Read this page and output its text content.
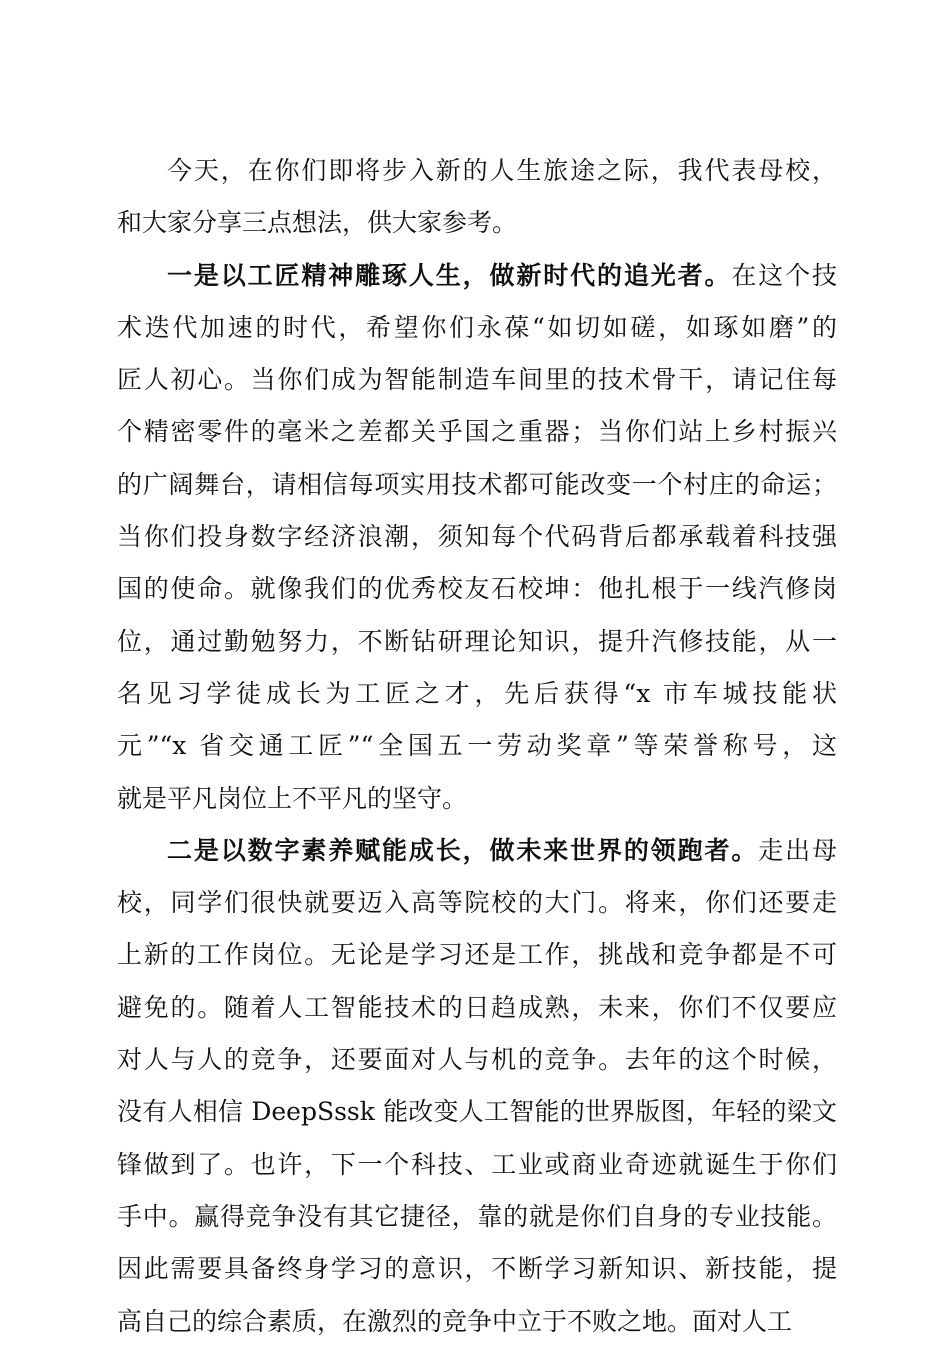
今天，在你们即将步入新的人生旅途之际，我代表母校，
和大家分享三点想法，供大家参考。
一是以工匠精神雕琢人生，做新时代的追光者。在这个技
术迭代加速的时代，希望你们永葆“如切如磋，如琢如磨”的
匠人初心。当你们成为智能制造车间里的技术骨干，请记住每
个精密零件的毫米之差都关乎国之重器；当你们站上乡村振兴
的广阔舞台，请相信每项实用技术都可能改变一个村庄的命运；
当你们投身数字经济浪潮，须知每个代码背后都承载着科技强
国的使命。就像我们的优秀校友石校坤：他扎根于一线汽修岗
位，通过勤勉努力，不断钻研理论知识，提升汽修技能，从一
名见习学徒成长为工匠之才，先后获得“x 市车城技能状
元”“x 省交通工匠”“全国五一劳动奖章”等荣誉称号，这
就是平凡岗位上不平凡的坚守。
二是以数字素养赋能成长，做未来世界的领跑者。走出母
校，同学们很快就要迈入高等院校的大门。将来，你们还要走
上新的工作岗位。无论是学习还是工作，挑战和竞争都是不可
避免的。随着人工智能技术的日趋成熟，未来，你们不仅要应
对人与人的竞争，还要面对人与机的竞争。去年的这个时候，
没有人相信 DeepSssk 能改变人工智能的世界版图，年轻的梁文
锋做到了。也许，下一个科技、工业或商业奇迹就诞生于你们
手中。赢得竞争没有其它捷径，靠的就是你们自身的专业技能。
因此需要具备终身学习的意识，不断学习新知识、新技能，提
高自己的综合素质，在激烈的竞争中立于不败之地。面对人工
